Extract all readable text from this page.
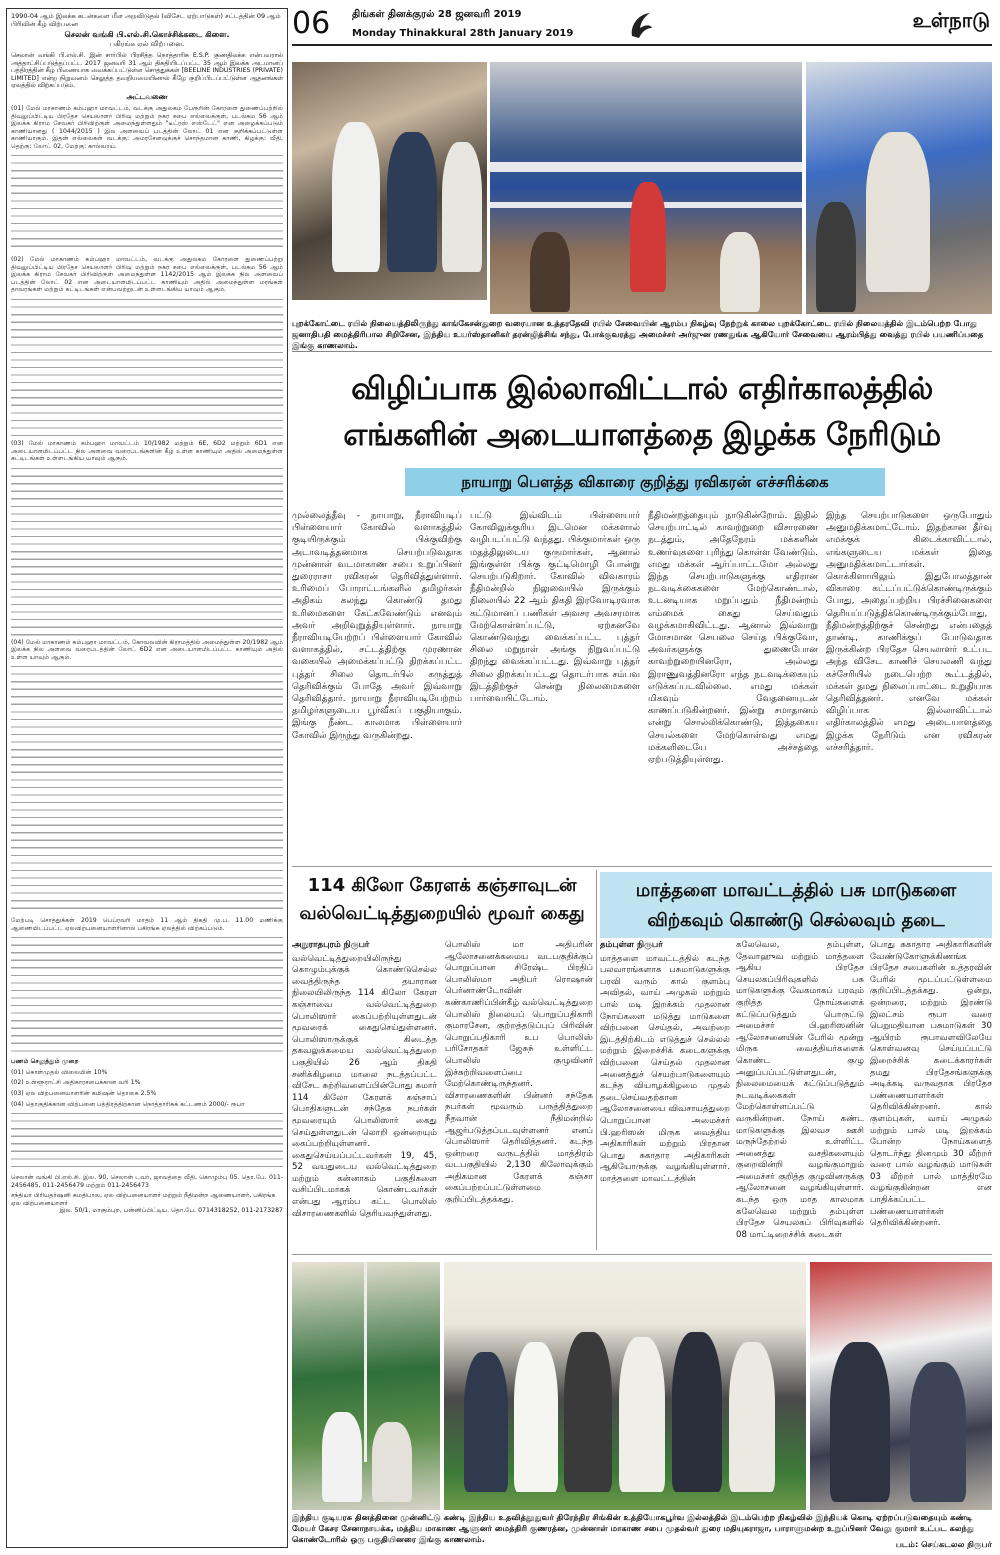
06 திங்கள் தினக்குரல் 28 ஜனவரி 2019
Monday Thinakkural 28th January 2019
உள்நாடு
1990-04 ஆம் இலக்க கடன்களை மீள அறவிடுதல் (விசேட ஏற்பாடுகள்) சட்டத்தின் 09 ஆம் பிரிவின் கீழ் விற்பனை
செலன் வங்கி பி.எல்.சி.கொச்சிக்கடை கிளை.
பகிரங்க ஏல் விற்பனை.
செலான் வங்கி பி.எல்.சி. இன் சார்பில் பிரசித்த நொத்தாரிசு E.S.P. குணதிலக்க என்பவரால் அத்தாட்சிப்படுத்தப்பட்ட 2017 ஜனவரி 31 ஆம் திகதியிடப்பட்ட 35 ஆம் இலக்க அடமானப் பத்திரத்தின் கீழ் பிணையாக வைக்கப்பட்டுள்ள சொத்துக்கள் [BEELINE INDUSTRIES (PRIVATE) LIMITED] என்ற நிறுவனம் செலுத்த தவறியமையினால் கீழே குறிப்பிடப்பட்டுள்ள ஆதனங்கள் ஏலத்தில் விற்கப்படும்.
அட்டவணை

(01) மேல் மாகாணம் கம்பஹா மாவட்டம், வடக்கு அதுலகம பேரூரின் கோரளை துணைப்பற்றில் திவுலுப்பிட்டிய பிரதேச செயலாளர் பிரிவு மற்றும் நகர சபை எல்லைக்குள், படல்கம 56 ஆம் இலக்க கிராம சேவகர் பிரிவிற்குள் அமைந்துள்ளதும் "டீட்ரஸ் எஸ்டேட்" என அழைக்கப்படும் காணியானது ( 1044/2015 ) இல அளவைப் படத்தின் லோட் 01 என குறிக்கப்பட்டுள்ள காணியாகும். இதன் எல்லைகள் வடக்கு: அமரசேனவுக்குச் சொந்தமான காணி, கிழக்கு: வீதி, தெற்கு: லோட் 02, மேற்கு: கால்வாய்.

(02) மேல் மாகாணம் கம்பஹா மாவட்டம், வடக்கு அதுலகம கோரளை துணைப்பற்று திவுலுப்பிட்டிய பிரதேச செயலாளர் பிரிவு மற்றும் நகர சபை எல்லைக்குள், படல்கம 56 ஆம் இலக்க கிராம சேவகர் பிரிவிற்குள் அமைந்துள்ள 1142/2015 ஆம் இலக்க நில அளவைப் படத்தின் லோட் 02 என அடையாளமிடப்பட்ட காணியும் அதில் அமைந்துள்ள மரங்கள் தாவரங்கள் மற்றும் கட்டிடங்கள் என்பவற்றுடன் உள்ளடங்கிய யாவும் ஆகும்.

(03) மேல் மாகாணம் கம்பஹா மாவட்டம் 10/1982 மற்றும் 6E, 6D2 மற்றும் 6D1 என அடையாளமிடப்பட்ட நில அளவை வரைபடங்களின் கீழ் உள்ள காணியும் அதில் அமைந்துள்ள கட்டிடங்கள் உள்ளடங்கிய யாவும் ஆகும்.

(04) மேல் மாகாணம் கம்பஹா மாவட்டம், கோவலவின் கிராமத்தில் அமைந்துள்ள 20/1982 ஆம் இலக்க நில அளவை வரைபடத்தின் லோட் 6D2 என அடையாளமிடப்பட்ட காணியும் அதில் உள்ள யாவும் ஆகும்.

மேற்படி சொத்துக்கள் 2019 பெப்ரவரி மாதம் 11 ஆம் திகதி மு.ப. 11.00 மணிக்கு ஆணையிடப்பட்ட ஏலவிற்பனையாளரினால் பகிரங்க ஏலத்தில் விற்கப்படும்.

பணம் செலுத்தும் முறை

(01) கொள்முதல் விலையின் 10%

(02) உள்ளூராட்சி அதிகாரசபைக்கான வரி 1%

(03) ஏல விற்பனையாளரின் கமிஷன் தொகை 2.5%

(04) தொகுதிக்கான விற்பனை பத்திரத்திற்கான நொத்தாரிசுக் கட்டணம் 2000/- ரூபா

செலான் வங்கி பி.எல்.சி. இல. 90, செலான் டவர், ஜாவத்தை வீதி, கொழும்பு 05. தொ.பே. 011-2456485, 011-2456479 மற்றும் 011-2456473

சந்தியா பிரியதர்ஷனி சுமதிபால, ஏல விற்பனையாளர் மற்றும் நீதிமன்ற ஆணையாளர், பகிரங்க ஏல விற்பனையாளர்
இல. 50/1, மாகும்புற, பன்னிப்பிட்டிய. தொ.பே. 0714318252, 011-2173287
புறக்கோட்டை ரயில் நிலையத்திலிருந்து காங்கேசன்துறை வரையான உத்தரதேவி ரயில் சேவையின் ஆரம்ப நிகழ்வு நேற்றுக் காலை புறக்கோட்டை ரயில் நிலையத்தில் இடம்பெற்ற போது ஜனாதிபதி மைத்திரிபால சிறிசேன, இந்திய உயர்ஸ்தானிகர் தரன்ஜித்சிங் சந்து, போக்குவரத்து அமைச்சர் அர்ஜுன ரணதுங்க ஆகியோர் சேவையை ஆரம்பித்து வைத்து ரயில் பயணிப்பதை இங்கு காணலாம்.
விழிப்பாக இல்லாவிட்டால் எதிர்காலத்தில்
எங்களின் அடையாளத்தை இழக்க நேரிடும்
நாயாறு பௌத்த விகாரை குறித்து ரவிகரன் எச்சரிக்கை
முல்லைத்தீவு - நாயாறு, நீராவியடிப் பிள்ளையார் கோவில் வளாகத்தில் குடியிருக்கும் பிக்குவிற்கு அடாவடித்தனமாக செயற்படுவதாக முன்னாள் வடமாகாண சபை உறுப்பினர் துரைராசா ரவிகரன் தெரிவித்துள்ளார். உரிமைப் போராட்டங்களில் தமிழர்கள் அதிகம் கலந்து கொண்டு தமது உரிமைகளை கேட்கவேண்டும் எனவும் அவர் அறிவுறுத்தியுள்ளார். நாயாறு நீராவியடியேற்றப் பிள்ளையார் கோவில் வளாகத்தில், சட்டத்திற்கு முரணான வகையில் அமைக்கப்பட்டு திறக்கப்பட்ட புத்தர் சிலை தொடர்பில் கருத்துத் தெரிவிக்கும் போதே அவர் இவ்வாறு தெரிவித்தார். நாயாறு நீராவியடியேற்றம் தமிழர்களுடைய பூர்வீகப் பகுதியாகும். இங்கு நீண்ட காலமாக பிள்ளையார் கோவில் இருந்து வருகின்றது.
பட்டு இவ்விடம் பிள்ளையார் கோவிலுக்குரிய இடமென மக்களால் வழிபடப்பட்டு வந்தது. பிக்குமார்கள் ஒரு மதத்திலுடைய குருமார்கள், ஆனால் இங்குள்ள பிக்கு குட்டிமொழி போன்று செயற்படுகிறார். கோவில் விவகாரம் நீதிமன்றில் நிலுவையில் இருக்கும் நிலையில் 22 ஆம் திகதி இரவோடிரவாக கட்டுமானப் பணிகள் அவசர அவசரமாக மேற்கொள்ளப்பட்டு, ஏற்கனவே கொண்டுவந்து வைக்கப்பட்ட புத்தர் சிலை மறுநாள் அங்கு நிறுவப்பட்டு திறந்து வைக்கப்பட்டது. இவ்வாறு புத்தர் சிலை திறக்கப்பட்டது தொடர்பாக சம்பவ இடத்திற்குச் சென்று நிலைமைகளை பார்வையிட்டோம்.
நீதிமன்றத்தையும் நாடுகின்றோம். இதில் செயற்பாட்டில் காவற்றுறை விசாரணை நடத்தும், அதேநேரம் மக்களின் உணர்வுகளை புரிந்து கொள்ள வேண்டும். எமது மக்கள் ஆர்ப்பாட்டமோ அல்லது இந்த செயற்பாடுகளுக்கு எதிரான நடவடிக்கைகளை மேற்கொண்டால், உடனடியாக மறுப்பதும் நீதிமன்றம் எம்மைக் கைது செய்வதும் வழக்கமாகிவிட்டது. ஆனால் இவ்வாறு மோசமான செயலை செய்த பிக்குவோ, அவர்களுக்கு துணைபோன காவற்றுறையினரோ, அல்லது இராணுவத்தினரோ எந்த நடவடிக்கையும் எடுக்கப்படவில்லை. எமது மக்கள் மிகவும் வேதனையுடன் காணப்படுகின்றனர். இன்று சமாதானம் என்று சொல்லிக்கொண்டு, இத்தகைய செயல்களை மேற்கொள்வது எமது மக்களிடையே அச்சத்தை ஏற்படுத்தியுள்ளது.
இந்த செயற்பாடுகளை ஒருபோதும் அனுமதிக்கமாட்டோம். இதற்கான தீர்வு எமக்குக் கிடைக்காவிட்டால், எங்களுடைய மக்கள் இதை அனுமதிக்கமாட்டார்கள். கொக்கிளாயிலும் இதுபோலத்தான் விகாரை கட்டப்பட்டுக்கொண்டிருக்கும் போது, அதைப்பற்றிய பிரச்சினைகளை தெரியப்படுத்திக்கொண்டிருக்கும்போது, நீதிமன்றத்திற்குச் சென்றது என்பதைத் தாண்டி, காணிக்குப் போடுவதாக இருக்கின்ற பிரதேச செயலாளர் உட்பட அந்த விசேட காணிச் செயலணி வந்து கச்சேரியில் நடைபெற்ற கூட்டத்தில், மக்கள் தமது நிலைப்பாட்டை உறுதியாக தெரிவித்தனர். எனவே மக்கள் விழிப்பாக இல்லாவிட்டால் எதிர்காலத்தில் எமது அடையாளத்தை இழக்க நேரிடும் என ரவிகரன் எச்சரித்தார்.
114 கிலோ கேரளக் கஞ்சாவுடன் வல்வெட்டித்துறையில் மூவர் கைது
அநுராதபுரம் நிருபர்
வல்வெட்டித்துறையிலிருந்து கொழும்புக்குக் கொண்டுசெல்ல வைத்திருந்த தயாரான நிலையிலிருந்த 114 கிலோ கேரள கஞ்சாவை வல்வெட்டித்துறை பொலிஸார் கைப்பற்றியுள்ளதுடன் மூவரைக் கைதுசெய்துள்ளனர். பொலிஸாருக்குக் கிடைத்த தகவலுக்கமைய வல்வெட்டித்துறை பகுதியில் 26 ஆம் திகதி சனிக்கிழமை மாலை நடத்தப்பட்ட விசேட சுற்றிவளைப்பின்போது சுமார் 114 கிலோ கேரளக் கஞ்சாப் பொதிகளுடன் சந்தேக நபர்கள் மூவரையும் பொலிஸார் கைது செய்துள்ளதுடன் லொறி ஒன்றையும் கைப்பற்றியுள்ளனர். கைதுசெய்யப்பட்டவர்கள் 19, 45, 52 வயதுடைய வல்வெட்டித்துறை மற்றும் கன்னாகம் பகுதிகளை வசிப்பிடமாகக் கொண்டவர்கள் என்பது ஆரம்ப கட்ட பொலிஸ் விசாரணைகளில் தெரியவந்துள்ளது.
பொலிஸ் மா அதிபரின் ஆலோசனைக்கமைய வடபகுதிக்குப் பொறுப்பான சிரேஷ்ட பிரதிப் பொலிஸ்மா அதிபர் ரொஷான் பெர்னாண்டோவின் கண்காணிப்பின்கீழ் வல்வெட்டித்துறை பொலிஸ் நிலையப் பொறுப்பதிகாரி குமாரசேன, குற்றத்தடுப்புப் பிரிவின் பொறுப்பதிகாரி உப பொலிஸ் பரிசோதகர் ஜேசுந் உள்ளிட்ட பொலிஸ் குழுவினர் இச்சுற்றிவளைப்பை மேற்கொண்டிருந்தனர். விசாரணைகளின் பின்னர் சந்தேக நபர்கள் மூவரும் பருத்தித்துறை நீதவான் நீதிமன்றில் ஆஜர்படுத்தப்படவுள்ளனர் எனப் பொலிஸார் தெரிவித்தனர். கடந்த ஒன்றரை வருடத்தில் மாத்திரம் வடபகுதியில் 2,130 கிலோவுக்கும் அதிகமான கேரளக் கஞ்சா கைப்பற்றப்பட்டுள்ளமை குறிப்பிடத்தக்கது.
மாத்தளை மாவட்டத்தில் பசு மாடுகளை விற்கவும் கொண்டு செல்லவும் தடை
தம்புள்ள நிருபர்
மாத்தளை மாவட்டத்தில் கடந்த பலவாரங்களாக பசுமாடுகளுக்கு பரவி வரும் கால் குளம்பு அவிதல், வாய் அழுகல் மற்றும் பால் மடி இறக்கம் முதலான நோய்களை மடுத்து மாடுகளை விற்பனை செய்தல், அவற்றை இடத்திற்கிடம் எடுத்துச் செல்லல் மற்றும் இறைச்சிக் கடைகளுக்கு விற்பனை செய்தல் முதலான அனைத்துச் செயற்பாடுகளையும் கடந்த வியாழக்கிழமை முதல் தடைசெய்வதற்கான ஆலோசனையை விவசாயத்துறை பொறுப்பான அமைச்சர் பி.ஹரிஸன் மிருக வைத்திய அதிகாரிகள் மற்றும் பிரதான பொது சுகாதார அதிகாரிகள் ஆகியோருக்கு வழங்கியுள்ளார். மாத்தளை மாவட்டத்தின்
கலேவெல, தம்புள்ள, தேவாஹுவ மற்றும் மாத்தளை ஆகிய பிரதேச செயலகப்பிரிவுகளில் பசு மாடுகளுக்கு வேகமாகப் பரவும் குறித்த நோய்களைக் கட்டுப்படுத்தும் பொருட்டு அமைச்சர் பி.ஹரிஸனின் ஆலோசனையின் பேரில் மூன்று மிருக வைத்தியர்களைக் கொண்ட குழு அனுப்பப்பட்டுள்ளதுடன், நிலைமையைக் கட்டுப்படுத்தும் நடவடிக்கைகள் மேற்கொள்ளப்பட்டு வருகின்றன. நோய் கண்ட மாடுகளுக்கு இலவச ஊசி மருந்தேற்றல் உள்ளிட்ட அனைத்து வசதிகளையும் குறைவின்றி வழங்குமாறும் அமைச்சர் குறித்த குழுவினருக்கு ஆலோசனை வழங்கியுள்ளார். கடந்த ஒரு மாத காலமாக கலேவெல மற்றும் தம்புள்ள பிரதேச செயலகப் பிரிவுகளில் 08 மாட்டிறைச்சிக் கடைகள்
பொது சுகாதார அதிகாரிகளின் வேண்டுகோளுக்கிணங்க பிரதேச சபைகளின் உத்தரவின் பேரில் மூடப்பட்டுள்ளமை குறிப்பிடத்தக்கது. ஒன்று, ஒன்றரை, மற்றும் இரண்டு இலட்சம் ரூபா வரை பெறுமதியான பசுமாடுகள் 30 ஆயிரம் ரூபாவளவிலேயே கொள்வனவு செய்யப்பட்டு இறைச்சிக் கடைக்காரர்கள் தமது பிரதேசங்களுக்கு அடிக்கடி வருவதாக பிரதேச பண்ணையாளர்கள் தெரிவிக்கின்றனர். கால் குளம்புகள், வாய் அழுகல் மற்றும் பால் மடி இறக்கம் போன்ற நோய்களைத் தொடர்ந்து தினமும் 30 லீற்றர் வரை பால் வழங்கும் மாடுகள் 03 லீற்றர் பால் மாத்திரமே வழங்குகின்றன என பாதிக்கப்பட்ட பண்ணையாளர்கள் தெரிவிக்கின்றனர்.
இந்திய குடியரசு தினத்தினை முன்னிட்டு கண்டி இந்திய உதவித்தூதுவர் திரேந்திர சிங்கின் உத்தியோகபூர்வ இல்லத்தில் இடம்பெற்ற நிகழ்வில் இந்தியக் கொடி ஏற்றப்படுவதையும் கண்டி மேயர் கேசர சேனாநாயக்க, மத்திய மாகாண ஆளுனர் மைத்திரி குணரத்ன, முன்னாள் மாகாண சபை முதல்வர் துரை மதியுகராஜா, பாராளுமன்ற உறுப்பினர் வேலு குமார் உட்பட கலந்து கொண்டோரில் ஒரு பகுதியினரை இங்கு காணலாம்.	படம்: செய்கடலல நிருபர்
